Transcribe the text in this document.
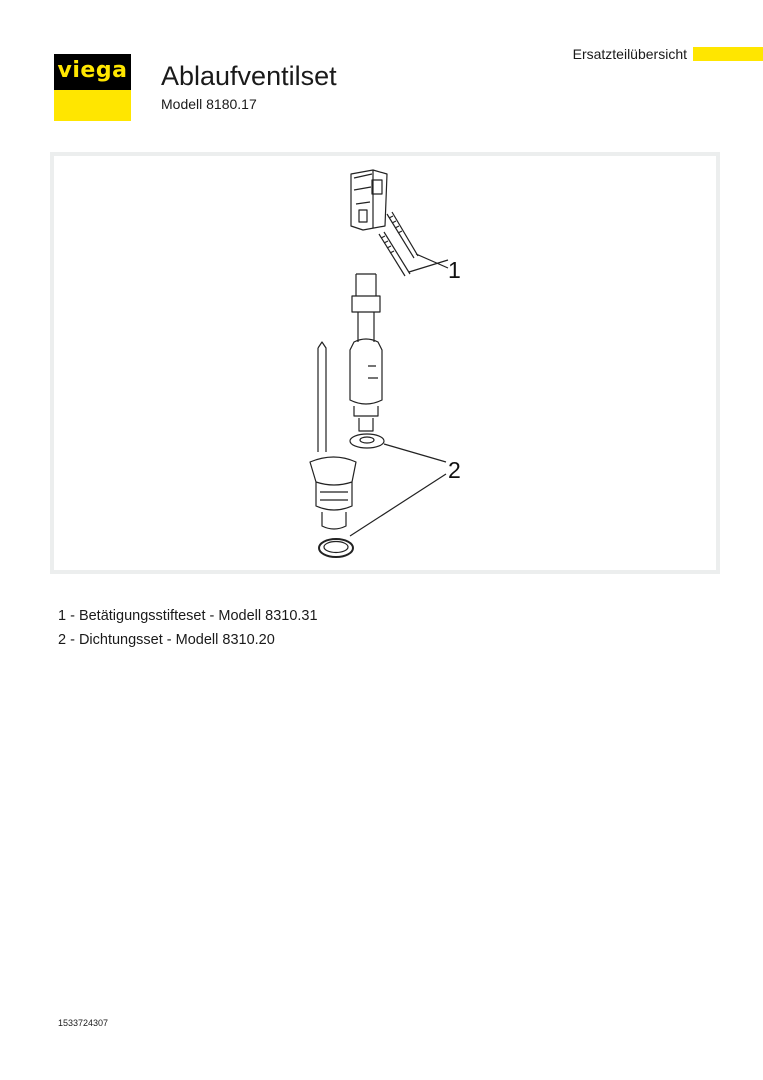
viega Ablaufventilset
Modell 8180.17
Ersatzteilübersicht
1
2
1 - Betätigungsstifteset - Modell 8310.31
2 - Dichtungsset - Modell 8310.20
1533724307
